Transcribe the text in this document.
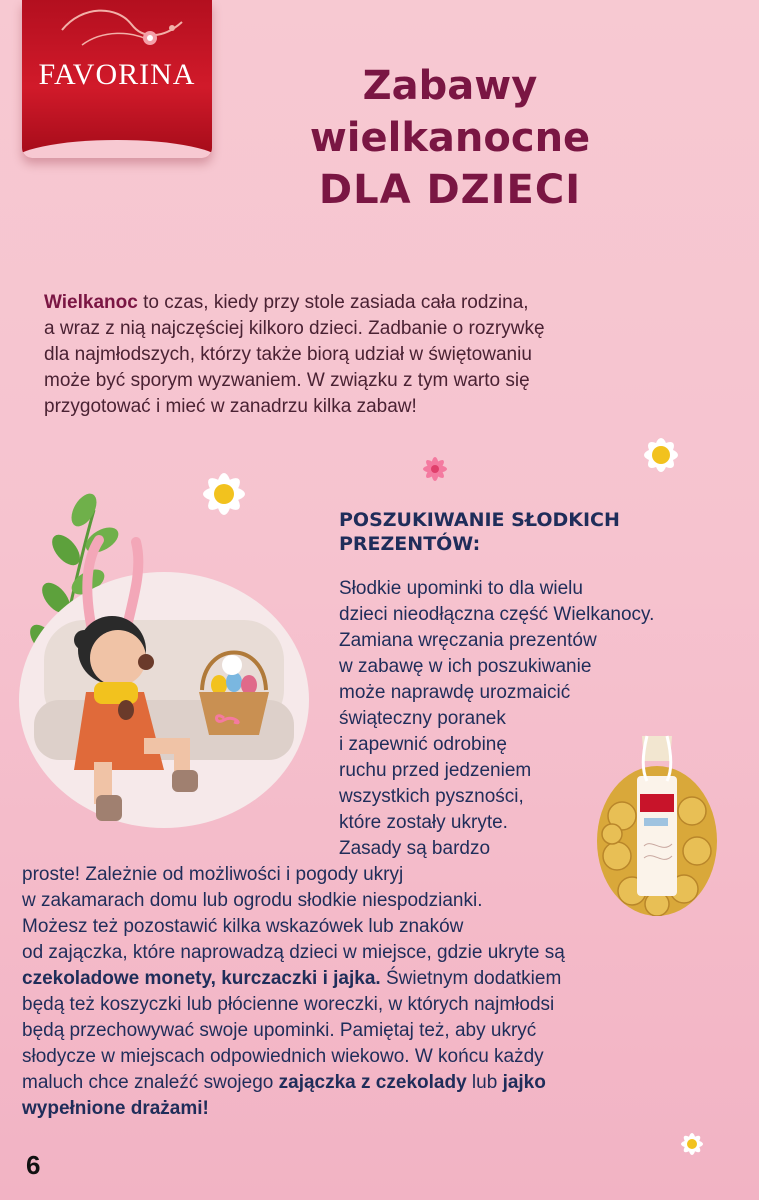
FAVORINA	Zabawy
wielkanocne
DLA DZIECI
Wielkanoc to czas, kiedy przy stole zasiada cała rodzina,
a wraz z nią najczęściej kilkoro dzieci. Zadbanie o rozrywkę
dla najmłodszych, którzy także biorą udział w świętowaniu
może być sporym wyzwaniem. W związku z tym warto się
przygotować i mieć w zanadrzu kilka zabaw!
POSZUKIWANIE SŁODKICH
PREZENTÓW:
Słodkie upominki to dla wielu
dzieci nieodłączna część Wielkanocy.
Zamiana wręczania prezentów
w zabawę w ich poszukiwanie
może naprawdę urozmaicić
świąteczny poranek
i zapewnić odrobinę
ruchu przed jedzeniem
wszystkich pyszności,
które zostały ukryte.
Zasady są bardzo
proste! Zależnie od możliwości i pogody ukryj
w zakamarach domu lub ogrodu słodkie niespodzianki.
Możesz też pozostawić kilka wskazówek lub znaków
od zajączka, które naprowadzą dzieci w miejsce, gdzie ukryte są
czekoladowe monety, kurczaczki i jajka. Świetnym dodatkiem
będą też koszyczki lub płócienne woreczki, w których najmłodsi
będą przechowywać swoje upominki. Pamiętaj też, aby ukryć
słodycze w miejscach odpowiednich wiekowo. W końcu każdy
maluch chce znaleźć swojego zajączka z czekolady lub jajko
wypełnione drażami!
6
